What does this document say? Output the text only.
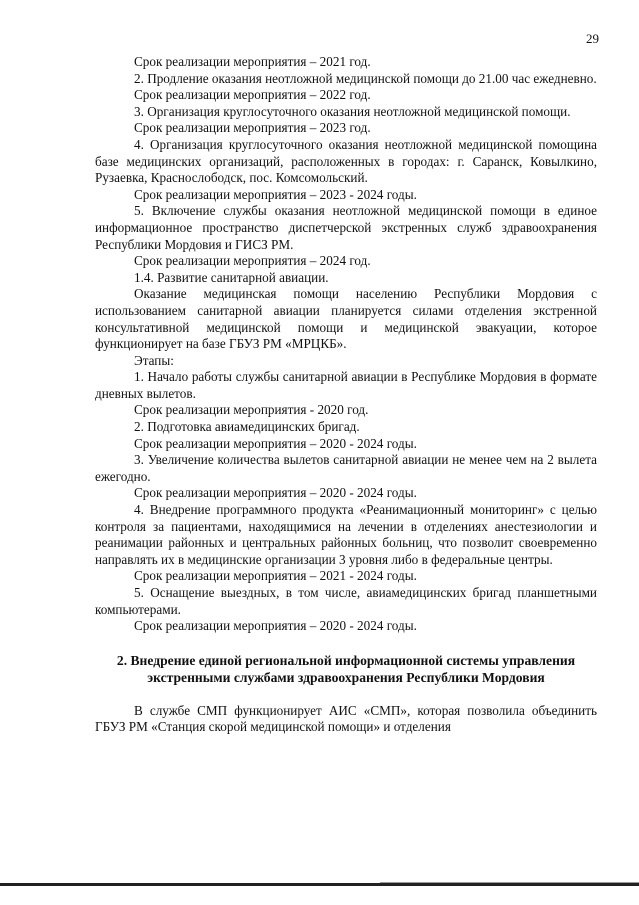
29

Срок реализации мероприятия – 2021 год.

2. Продление оказания неотложной медицинской помощи до 21.00 час ежедневно.

Срок реализации мероприятия – 2022 год.

3. Организация круглосуточного оказания неотложной медицинской помощи.

Срок реализации мероприятия – 2023 год.

4. Организация круглосуточного оказания неотложной медицинской помощина базе медицинских организаций, расположенных в городах: г. Саранск, Ковылкино, Рузаевка, Краснослободск, пос. Комсомольский.

Срок реализации мероприятия – 2023 - 2024 годы.

5. Включение службы оказания неотложной медицинской помощи в единое информационное пространство диспетчерской экстренных служб здравоохранения Республики Мордовия и ГИСЗ РМ.

Срок реализации мероприятия – 2024 год.

1.4. Развитие санитарной авиации.

Оказание медицинская помощи населению Республики Мордовия с использованием санитарной авиации планируется силами отделения экстренной консультативной медицинской помощи и медицинской эвакуации, которое функционирует на базе ГБУЗ РМ «МРЦКБ».

Этапы:

1. Начало работы службы санитарной авиации в Республике Мордовия в формате дневных вылетов.

Срок реализации мероприятия - 2020 год.

2. Подготовка авиамедицинских бригад.

Срок реализации мероприятия – 2020 - 2024 годы.

3. Увеличение количества вылетов санитарной авиации не менее чем на 2 вылета ежегодно.

Срок реализации мероприятия – 2020 - 2024 годы.

4. Внедрение программного продукта «Реанимационный мониторинг» с целью контроля за пациентами, находящимися на лечении в отделениях анестезиологии и реанимации районных и центральных районных больниц, что позволит своевременно направлять их в медицинские организации 3 уровня либо в федеральные центры.

Срок реализации мероприятия – 2021 - 2024 годы.

5. Оснащение выездных, в том числе, авиамедицинских бригад планшетными компьютерами.

Срок реализации мероприятия – 2020 - 2024 годы.

2. Внедрение единой региональной информационной системы управления экстренными службами здравоохранения Республики Мордовия

В службе СМП функционирует АИС «СМП», которая позволила объединить ГБУЗ РМ «Станция скорой медицинской помощи» и отделения
